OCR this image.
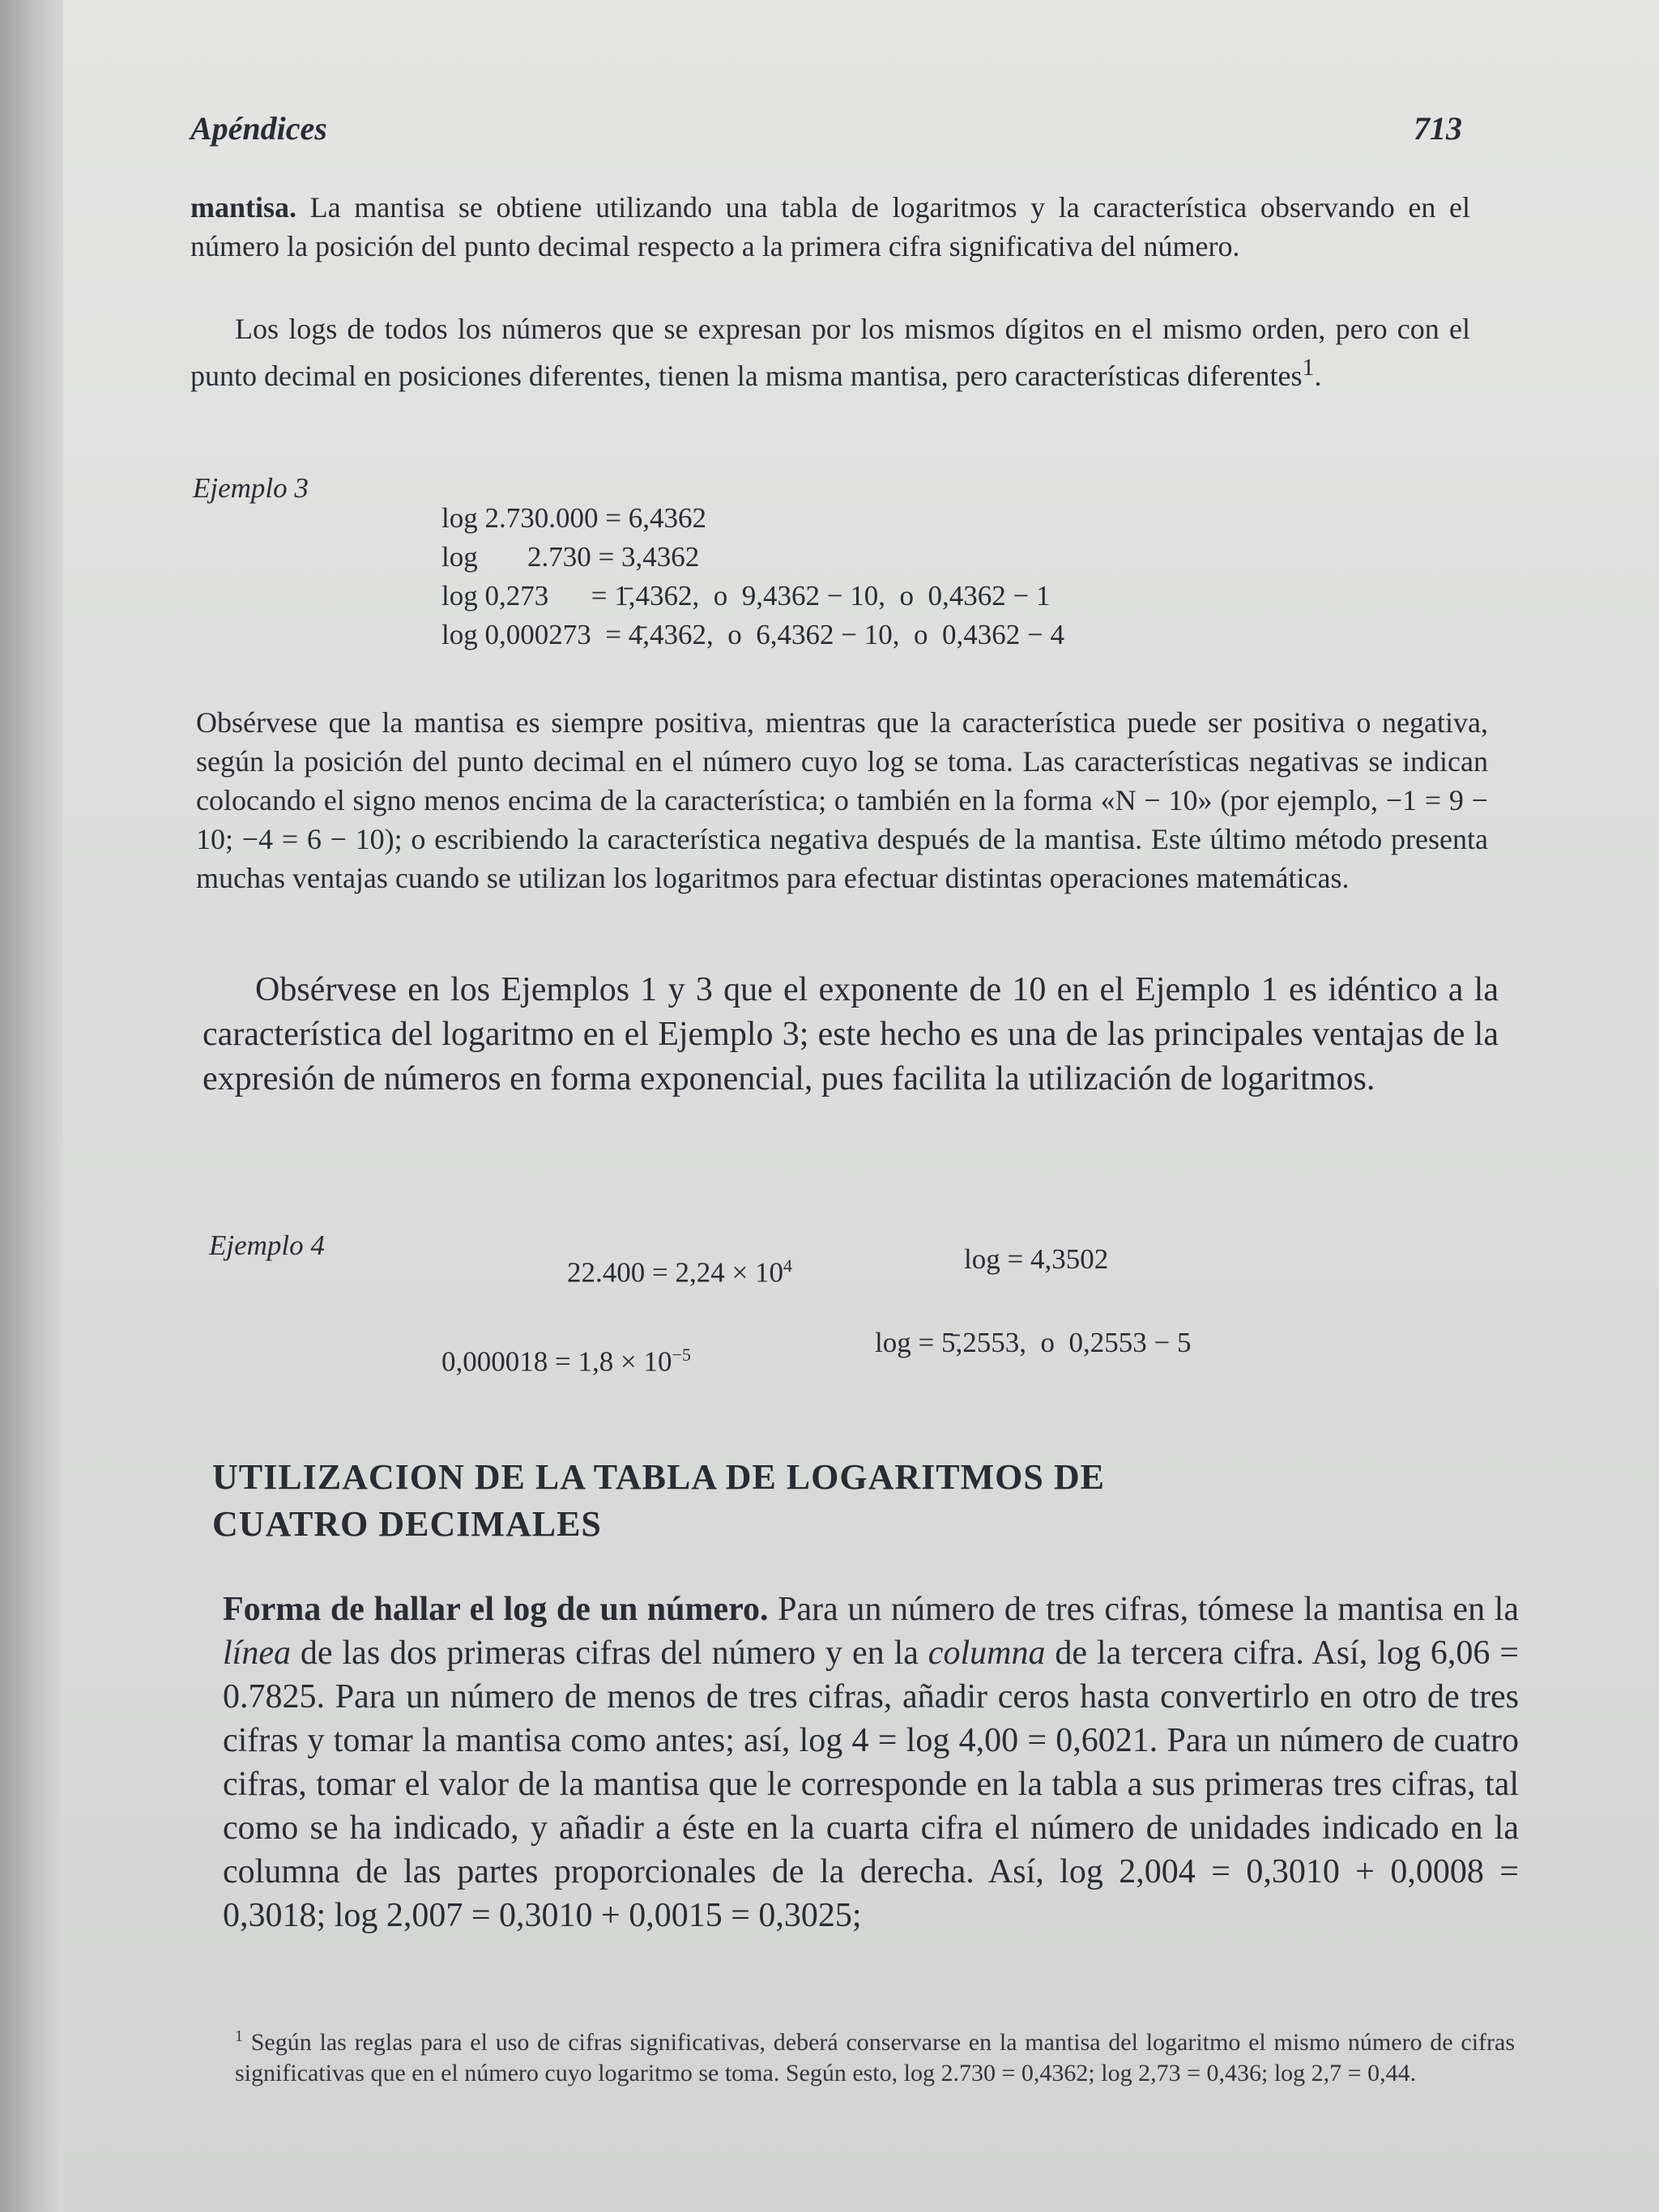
Apéndices	713
mantisa. La mantisa se obtiene utilizando una tabla de logaritmos y la característica observando en el número la posición del punto decimal respecto a la primera cifra significativa del número.
Los logs de todos los números que se expresan por los mismos dígitos en el mismo orden, pero con el punto decimal en posiciones diferentes, tienen la misma mantisa, pero características diferentes$^1$.
Ejemplo 3
log 2.730.000 = 6,4362
log       2.730 = 3,4362
log 0,273      = 1̄,4362,  o  9,4362 − 10,  o  0,4362 − 1
log 0,000273  = 4̄,4362,  o  6,4362 − 10,  o  0,4362 − 4
Obsérvese que la mantisa es siempre positiva, mientras que la característica puede ser positiva o negativa, según la posición del punto decimal en el número cuyo log se toma. Las características negativas se indican colocando el signo menos encima de la característica; o también en la forma «N − 10» (por ejemplo, −1 = 9 − 10; −4 = 6 − 10); o escribiendo la característica negativa después de la mantisa. Este último método presenta muchas ventajas cuando se utilizan los logaritmos para efectuar distintas operaciones matemáticas.
Obsérvese en los Ejemplos 1 y 3 que el exponente de 10 en el Ejemplo 1 es idéntico a la característica del logaritmo en el Ejemplo 3; este hecho es una de las principales ventajas de la expresión de números en forma exponencial, pues facilita la utilización de logaritmos.
Ejemplo 4
$22.400 = 2,24 \times 10^4$	log = 4,3502
$0,000018 = 1,8 \times 10^{-5}$	log = 5̄,2553,  o  0,2553 − 5
UTILIZACION DE LA TABLA DE LOGARITMOS DE
CUATRO DECIMALES
Forma de hallar el log de un número. Para un número de tres cifras, tómese la mantisa en la línea de las dos primeras cifras del número y en la columna de la tercera cifra. Así, log 6,06 = 0.7825. Para un número de menos de tres cifras, añadir ceros hasta convertirlo en otro de tres cifras y tomar la mantisa como antes; así, log 4 = log 4,00 = 0,6021. Para un número de cuatro cifras, tomar el valor de la mantisa que le corresponde en la tabla a sus primeras tres cifras, tal como se ha indicado, y añadir a éste en la cuarta cifra el número de unidades indicado en la columna de las partes proporcionales de la derecha. Así, log 2,004 = 0,3010 + 0,0008 = 0,3018; log 2,007 = 0,3010 + 0,0015 = 0,3025;
$^1$ Según las reglas para el uso de cifras significativas, deberá conservarse en la mantisa del logaritmo el mismo número de cifras significativas que en el número cuyo logaritmo se toma. Según esto, log 2.730 = 0,4362; log 2,73 = 0,436; log 2,7 = 0,44.
